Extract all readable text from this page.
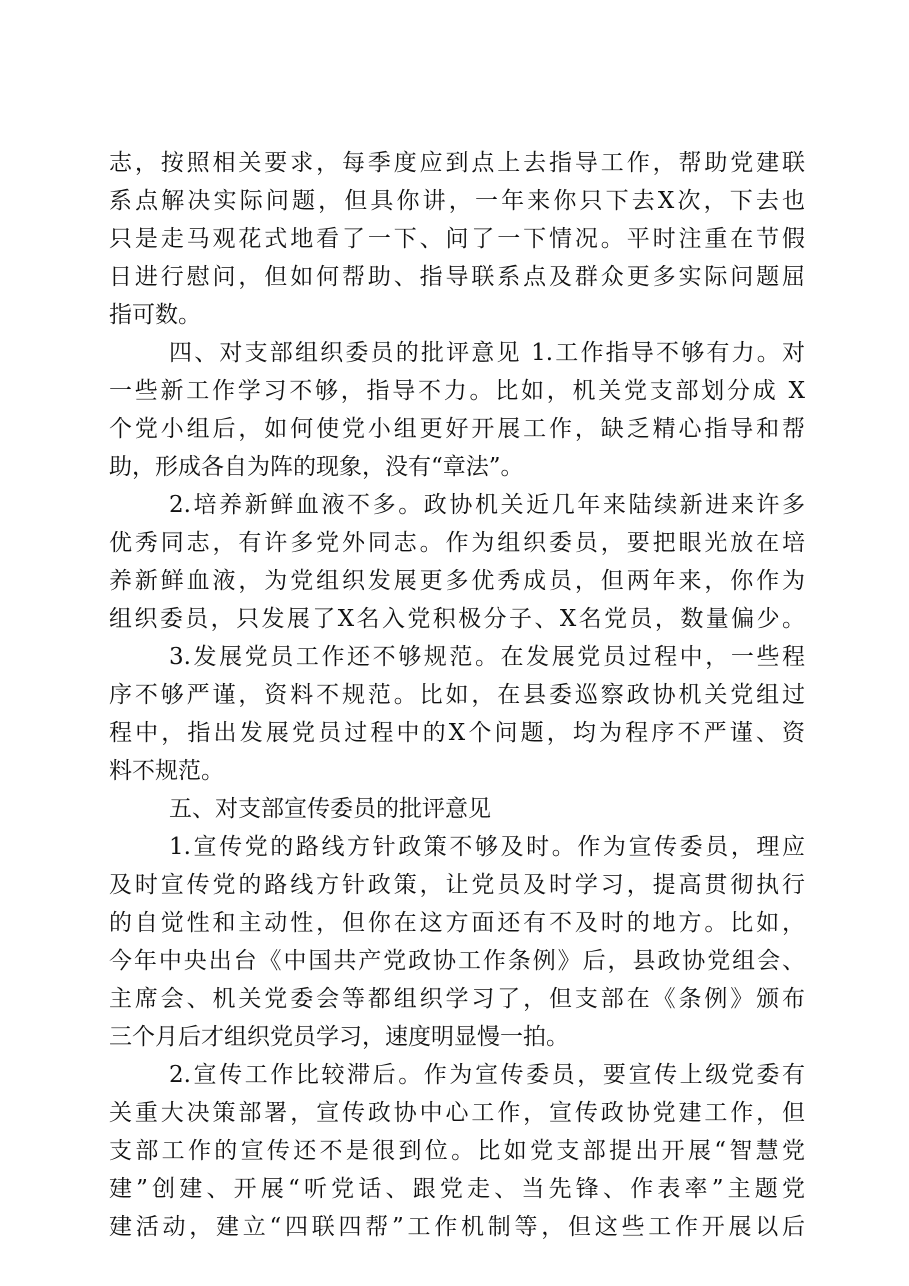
志，按照相关要求，每季度应到点上去指导工作，帮助党建联
系点解决实际问题，但具你讲，一年来你只下去X次，下去也
只是走马观花式地看了一下、问了一下情况。平时注重在节假
日进行慰问，但如何帮助、指导联系点及群众更多实际问题屈
指可数。
四、对支部组织委员的批评意见 1.工作指导不够有力。对
一些新工作学习不够，指导不力。比如，机关党支部划分成 X
个党小组后，如何使党小组更好开展工作，缺乏精心指导和帮
助，形成各自为阵的现象，没有“章法”。
2.培养新鲜血液不多。政协机关近几年来陆续新进来许多
优秀同志，有许多党外同志。作为组织委员，要把眼光放在培
养新鲜血液，为党组织发展更多优秀成员，但两年来，你作为
组织委员，只发展了X名入党积极分子、X名党员，数量偏少。
3.发展党员工作还不够规范。在发展党员过程中，一些程
序不够严谨，资料不规范。比如，在县委巡察政协机关党组过
程中，指出发展党员过程中的X个问题，均为程序不严谨、资
料不规范。
五、对支部宣传委员的批评意见
1.宣传党的路线方针政策不够及时。作为宣传委员，理应
及时宣传党的路线方针政策，让党员及时学习，提高贯彻执行
的自觉性和主动性，但你在这方面还有不及时的地方。比如，
今年中央出台《中国共产党政协工作条例》后，县政协党组会、
主席会、机关党委会等都组织学习了，但支部在《条例》颁布
三个月后才组织党员学习，速度明显慢一拍。
2.宣传工作比较滞后。作为宣传委员，要宣传上级党委有
关重大决策部署，宣传政协中心工作，宣传政协党建工作，但
支部工作的宣传还不是很到位。比如党支部提出开展“智慧党
建”创建、开展“听党话、跟党走、当先锋、作表率”主题党
建活动，建立“四联四帮”工作机制等，但这些工作开展以后
